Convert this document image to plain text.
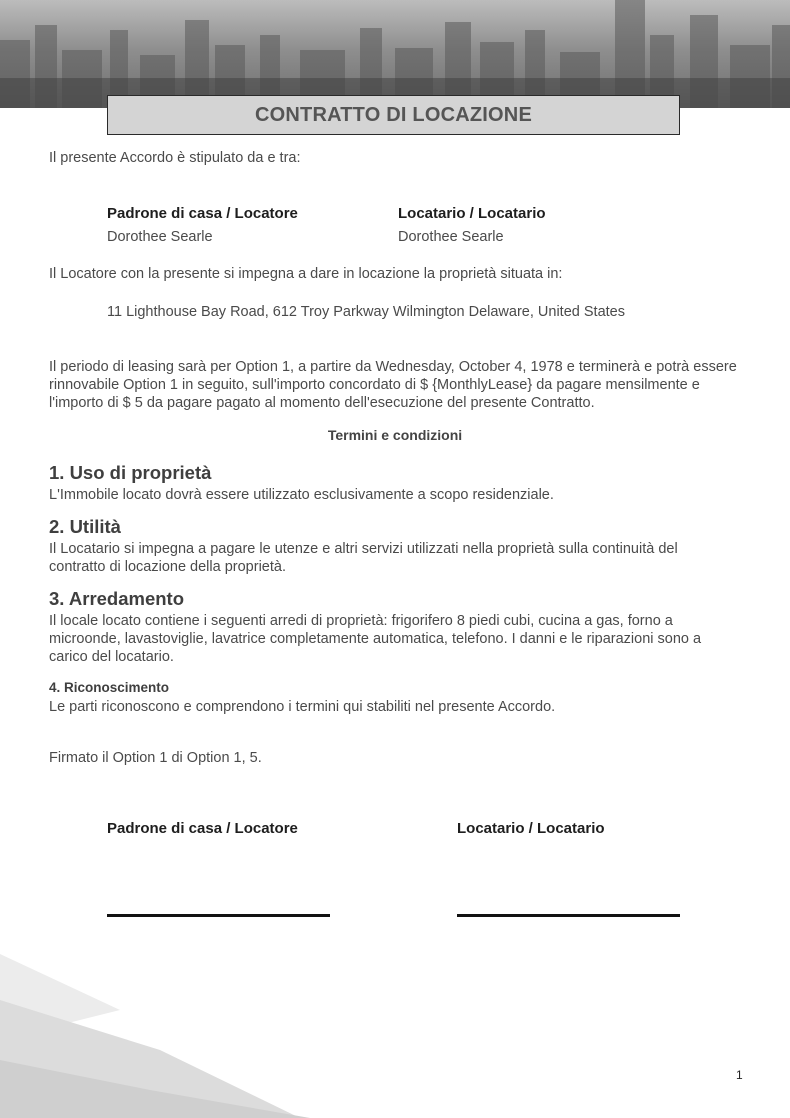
CONTRATTO DI LOCAZIONE
Il presente Accordo è stipulato da e tra:
Padrone di casa / Locatore
Dorothee Searle
Locatario / Locatario
Dorothee Searle
Il Locatore con la presente si impegna a dare in locazione la proprietà situata in:
11 Lighthouse Bay Road, 612 Troy Parkway Wilmington Delaware, United States
Il periodo di leasing sarà per Option 1, a partire da Wednesday, October 4, 1978 e terminerà e potrà essere rinnovabile Option 1 in seguito, sull'importo concordato di $ {MonthlyLease} da pagare mensilmente e l'importo di $ 5 da pagare pagato al momento dell'esecuzione del presente Contratto.
Termini e condizioni
1. Uso di proprietà
L'Immobile locato dovrà essere utilizzato esclusivamente a scopo residenziale.
2. Utilità
Il Locatario si impegna a pagare le utenze e altri servizi utilizzati nella proprietà sulla continuità del contratto di locazione della proprietà.
3. Arredamento
Il locale locato contiene i seguenti arredi di proprietà: frigorifero 8 piedi cubi, cucina a gas, forno a microonde, lavastoviglie, lavatrice completamente automatica, telefono. I danni e le riparazioni sono a carico del locatario.
4. Riconoscimento
Le parti riconoscono e comprendono i termini qui stabiliti nel presente Accordo.
Firmato il Option 1 di Option 1, 5.
Padrone di casa / Locatore	Locatario / Locatario
1
